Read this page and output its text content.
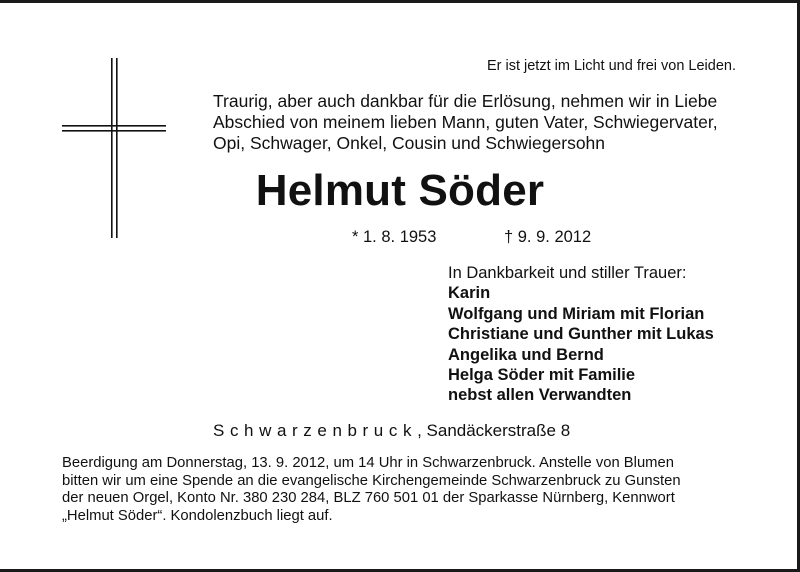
Er ist jetzt im Licht und frei von Leiden.
Traurig, aber auch dankbar für die Erlösung, nehmen wir in Liebe
Abschied von meinem lieben Mann, guten Vater, Schwiegervater,
Opi, Schwager, Onkel, Cousin und Schwiegersohn
Helmut Söder
* 1. 8. 1953	† 9. 9. 2012
In Dankbarkeit und stiller Trauer:
Karin
Wolfgang und Miriam mit Florian
Christiane und Gunther mit Lukas
Angelika und Bernd
Helga Söder mit Familie
nebst allen Verwandten
Schwarzenbruck, Sandäckerstraße 8
Beerdigung am Donnerstag, 13. 9. 2012, um 14 Uhr in Schwarzenbruck. Anstelle von Blumen
bitten wir um eine Spende an die evangelische Kirchengemeinde Schwarzenbruck zu Gunsten
der neuen Orgel, Konto Nr. 380 230 284, BLZ 760 501 01 der Sparkasse Nürnberg, Kennwort
„Helmut Söder“. Kondolenzbuch liegt auf.
